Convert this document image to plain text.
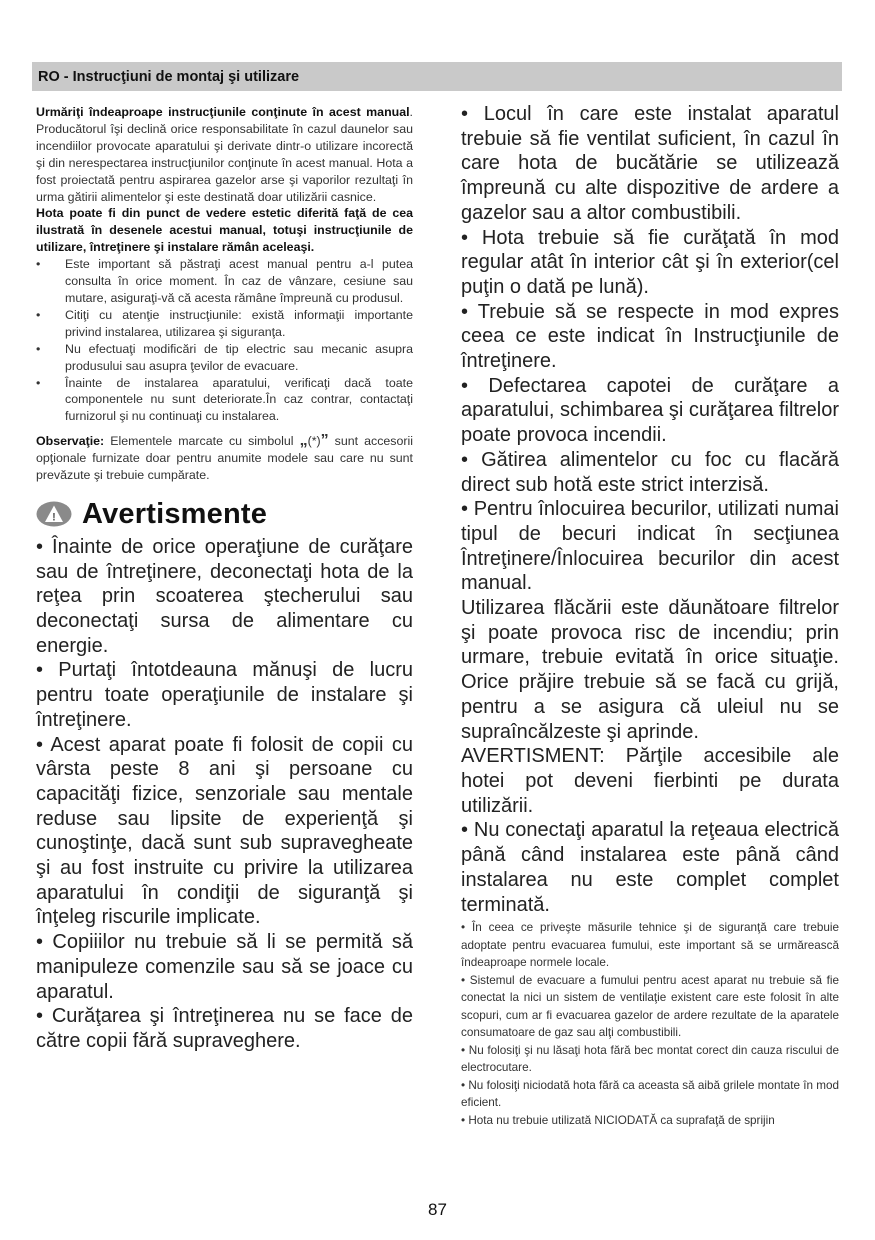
RO - Instrucţiuni de montaj şi utilizare

Urmăriţi îndeaproape instrucţiunile conţinute în acest manual. Producătorul îşi declină orice responsabilitate în cazul daunelor sau incendiilor provocate aparatului şi derivate dintr-o utilizare incorectă şi din nerespectarea instrucţiunilor conţinute în acest manual. Hota a fost proiectată pentru aspirarea gazelor arse şi vaporilor rezultaţi în urma gătirii alimentelor şi este destinată doar utilizării casnice.

Hota poate fi din punct de vedere estetic diferită faţă de cea ilustrată în desenele acestui manual, totuşi instrucţiunile de utilizare, întreţinere şi instalare rămân aceleaşi.

• Este important să păstraţi acest manual pentru a-l putea consulta în orice moment. În caz de vânzare, cesiune sau mutare, asiguraţi-vă că acesta rămâne împreună cu produsul.
• Citiţi cu atenţie instrucţiunile: există informaţii importante privind instalarea, utilizarea şi siguranţa.
• Nu efectuaţi modificări de tip electric sau mecanic asupra produsului sau asupra ţevilor de evacuare.
• Înainte de instalarea aparatului, verificaţi dacă toate componentele nu sunt deteriorate.În caz contrar, contactaţi furnizorul şi nu continuaţi cu instalarea.

Observaţie: Elementele marcate cu simbolul „(*)” sunt accesorii opţionale furnizate doar pentru anumite modele sau care nu sunt prevăzute şi trebuie cumpărate.

! Avertismente

• Înainte de orice operaţiune de curăţare sau de întreţinere, deconectaţi hota de la reţea prin scoaterea ştecherului sau deconectaţi sursa de alimentare cu energie.

• Purtaţi întotdeauna mănuşi de lucru pentru toate operaţiunile de instalare şi întreţinere.

• Acest aparat poate fi folosit de copii cu vârsta peste 8 ani şi persoane cu capacităţi fizice, senzoriale sau mentale reduse sau lipsite de experienţă şi cunoştinţe, dacă sunt sub supravegheate şi au fost instruite cu privire la utilizarea aparatului în condiţii de siguranţă şi înţeleg riscurile implicate.

• Copiiilor nu trebuie să li se permită să manipuleze comenzile sau să se joace cu aparatul.

• Curăţarea şi întreţinerea nu se face de către copii fără supraveghere.

• Locul în care este instalat aparatul trebuie să fie ventilat suficient, în cazul în care hota de bucătărie se utilizează împreună cu alte dispozitive de ardere a gazelor sau a altor combustibili.

• Hota trebuie să fie curăţată în mod regular atât în interior cât şi în exterior(cel puţin o dată pe lună).

• Trebuie să se respecte in mod expres ceea ce este indicat în Instrucţiunile de întreţinere.

• Defectarea capotei de curăţare a aparatului, schimbarea şi curăţarea filtrelor poate provoca incendii.

• Gătirea alimentelor cu foc cu flacără direct sub hotă este strict interzisă.

• Pentru înlocuirea becurilor, utilizati numai tipul de becuri indicat în secţiunea Întreţinere/Înlocuirea becurilor din acest manual.

Utilizarea flăcării este dăunătoare filtrelor şi poate provoca risc de incendiu; prin urmare, trebuie evitată în orice situaţie. Orice prăjire trebuie să se facă cu grijă, pentru a se asigura că uleiul nu se supraîncălzeste şi aprinde.

AVERTISMENT: Părţile accesibile ale hotei pot deveni fierbinti pe durata utilizării.

• Nu conectaţi aparatul la reţeaua electrică până când instalarea este până când instalarea nu este complet complet terminată.

• În ceea ce priveşte măsurile tehnice şi de siguranţă care trebuie adoptate pentru evacuarea fumului, este important să se urmărească îndeaproape normele locale.

• Sistemul de evacuare a fumului pentru acest aparat nu trebuie să fie conectat la nici un sistem de ventilaţie existent care este folosit în alte scopuri, cum ar fi evacuarea gazelor de ardere rezultate de la aparatele consumatoare de gaz sau alţi combustibili.

• Nu folosiţi şi nu lăsaţi hota fără bec montat corect din cauza riscului de electrocutare.

• Nu folosiţi niciodată hota fără ca aceasta să aibă grilele montate în mod eficient.

• Hota nu trebuie utilizată NICIODATĂ ca suprafaţă de sprijin

87
